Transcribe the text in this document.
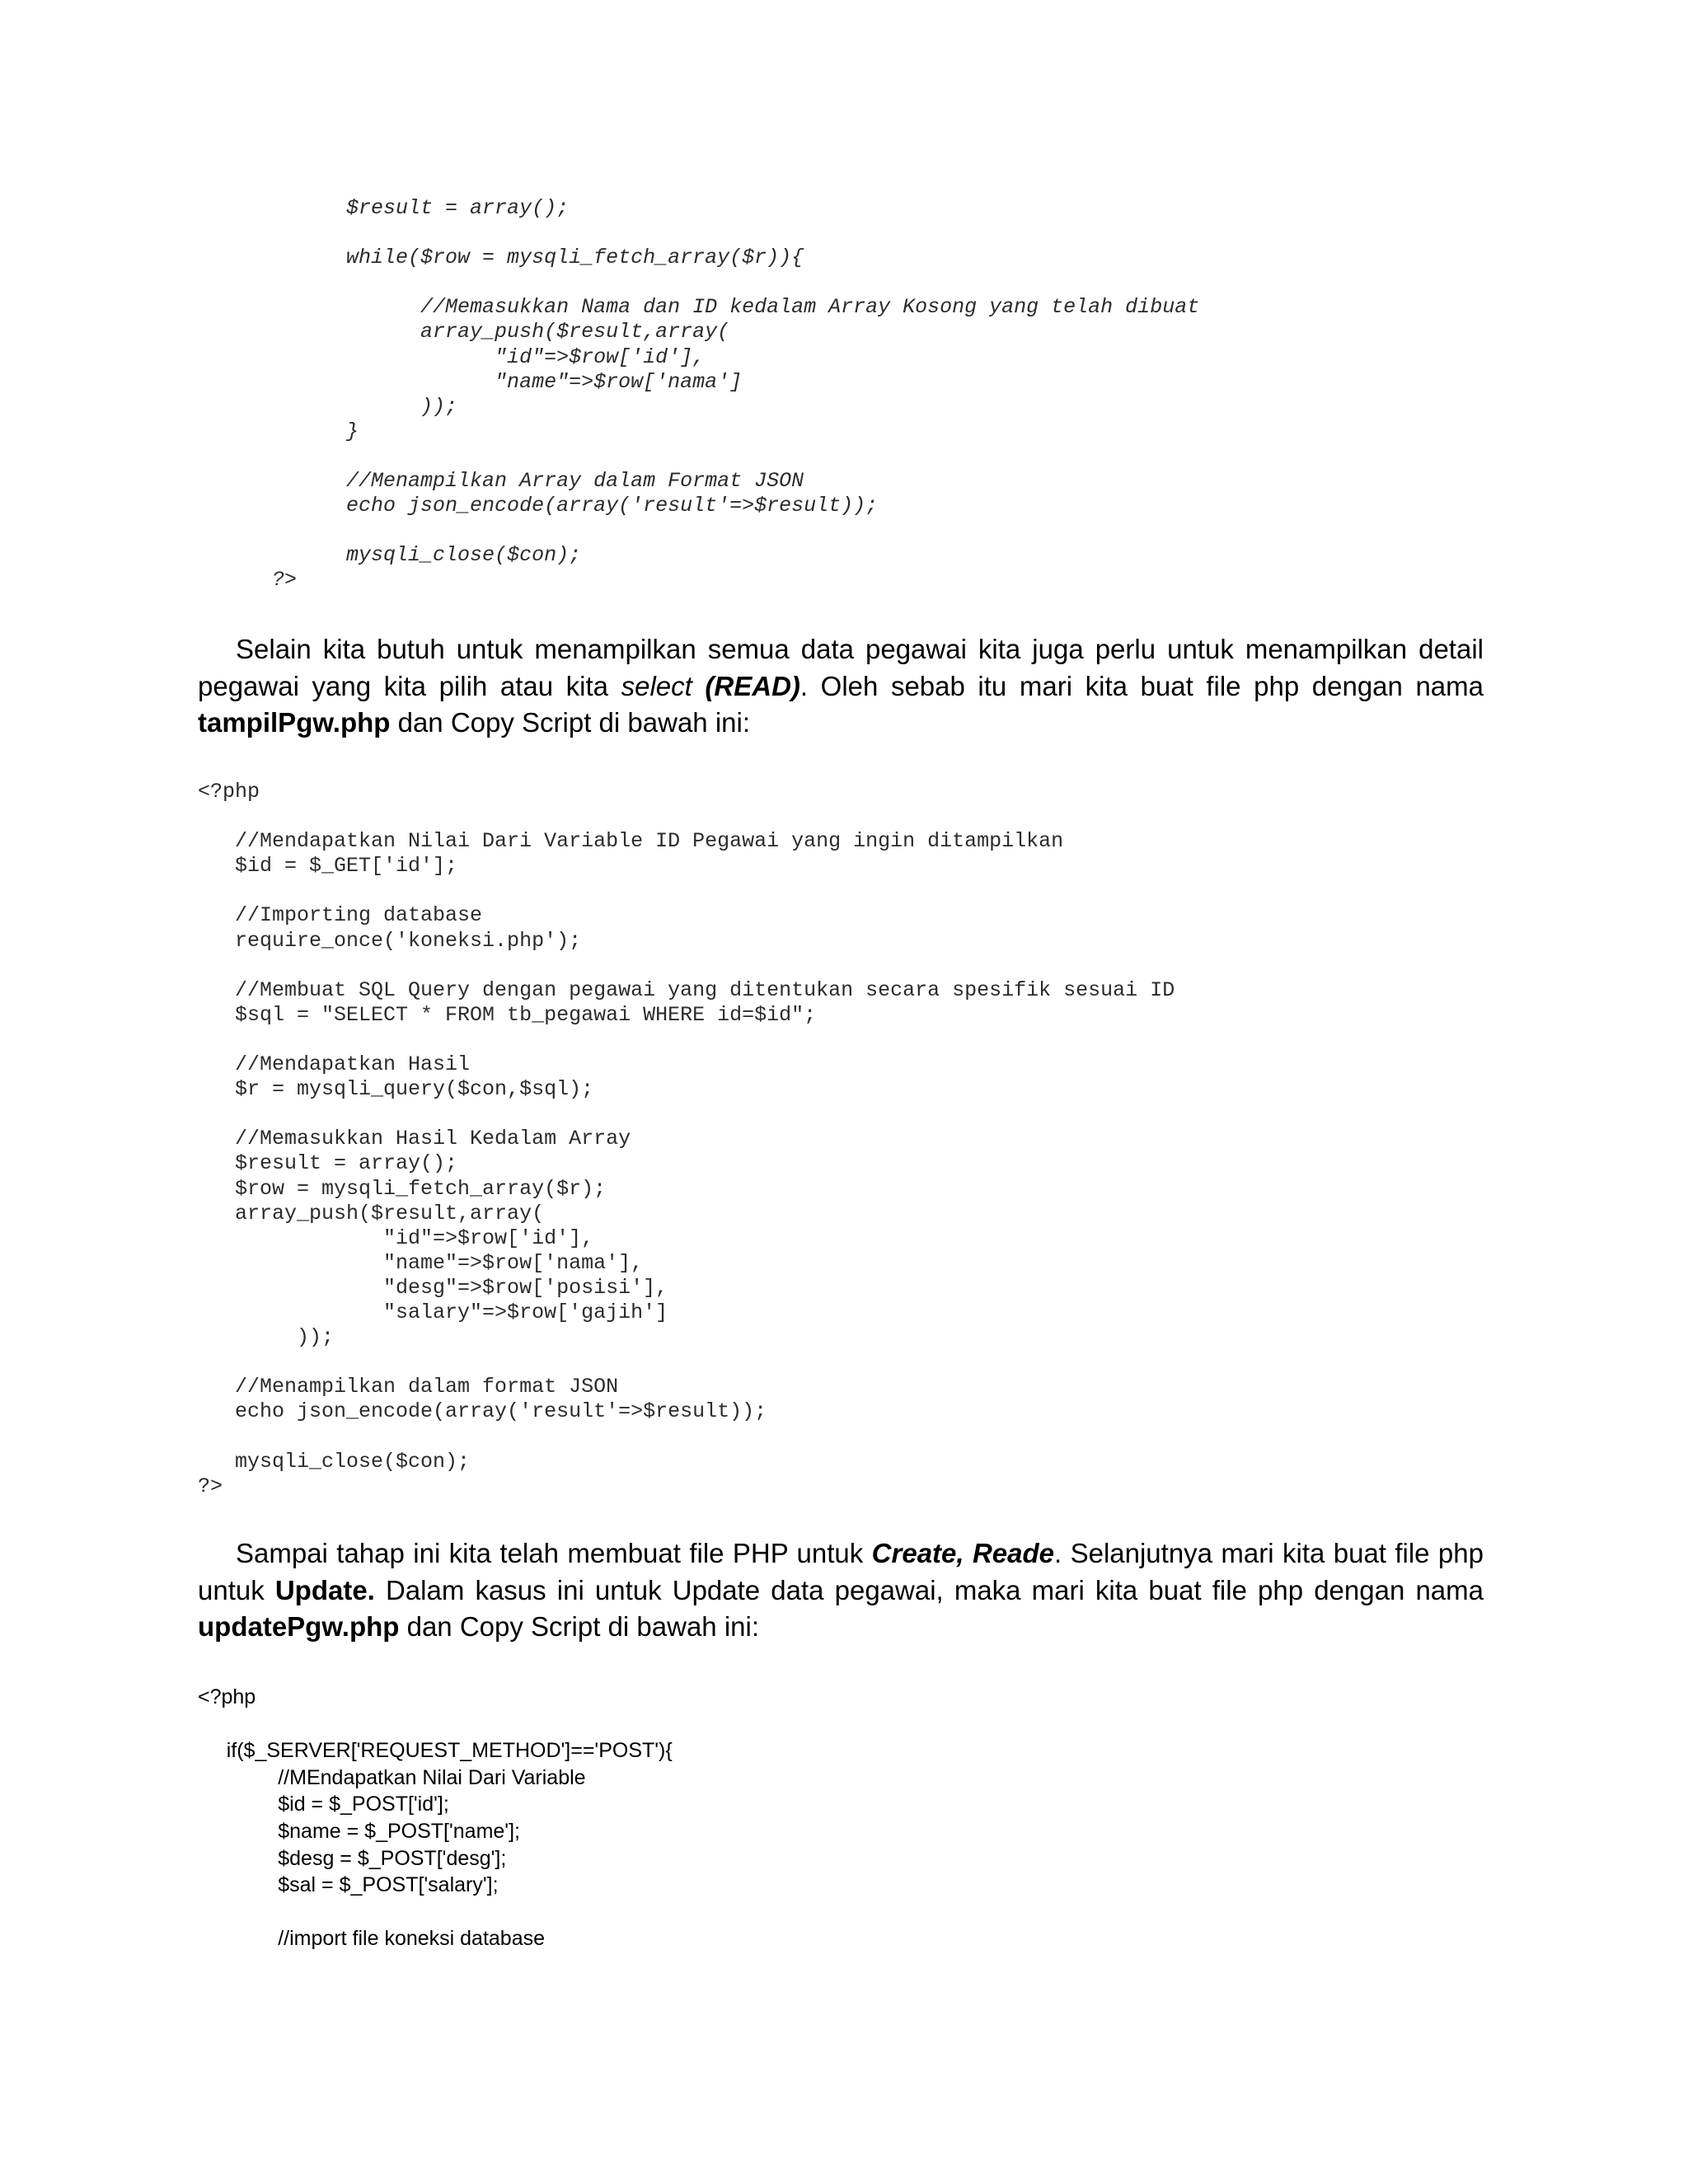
$result = array();

while($row = mysqli_fetch_array($r)){

//Memasukkan Nama dan ID kedalam Array Kosong yang telah dibuat
array_push($result,array(
"id"=>$row['id'],
"name"=>$row['nama']
));
}

//Menampilkan Array dalam Format JSON
echo json_encode(array('result'=>$result));

mysqli_close($con);
?>

Selain kita butuh untuk menampilkan semua data pegawai kita juga perlu untuk menampilkan detail pegawai yang kita pilih atau kita select (READ). Oleh sebab itu mari kita buat file php dengan nama tampilPgw.php dan Copy Script di bawah ini:

<?php

//Mendapatkan Nilai Dari Variable ID Pegawai yang ingin ditampilkan
$id = $_GET['id'];

//Importing database
require_once('koneksi.php');

//Membuat SQL Query dengan pegawai yang ditentukan secara spesifik sesuai ID
$sql = "SELECT * FROM tb_pegawai WHERE id=$id";

//Mendapatkan Hasil
$r = mysqli_query($con,$sql);

//Memasukkan Hasil Kedalam Array
$result = array();
$row = mysqli_fetch_array($r);
array_push($result,array(
"id"=>$row['id'],
"name"=>$row['nama'],
"desg"=>$row['posisi'],
"salary"=>$row['gajih']
));

//Menampilkan dalam format JSON
echo json_encode(array('result'=>$result));

mysqli_close($con);
?>

Sampai tahap ini kita telah membuat file PHP untuk Create, Reade. Selanjutnya mari kita buat file php untuk Update. Dalam kasus ini untuk Update data pegawai, maka mari kita buat file php dengan nama updatePgw.php dan Copy Script di bawah ini:

<?php

if($_SERVER['REQUEST_METHOD']=='POST'){
//MEndapatkan Nilai Dari Variable
$id = $_POST['id'];
$name = $_POST['name'];
$desg = $_POST['desg'];
$sal = $_POST['salary'];

//import file koneksi database
